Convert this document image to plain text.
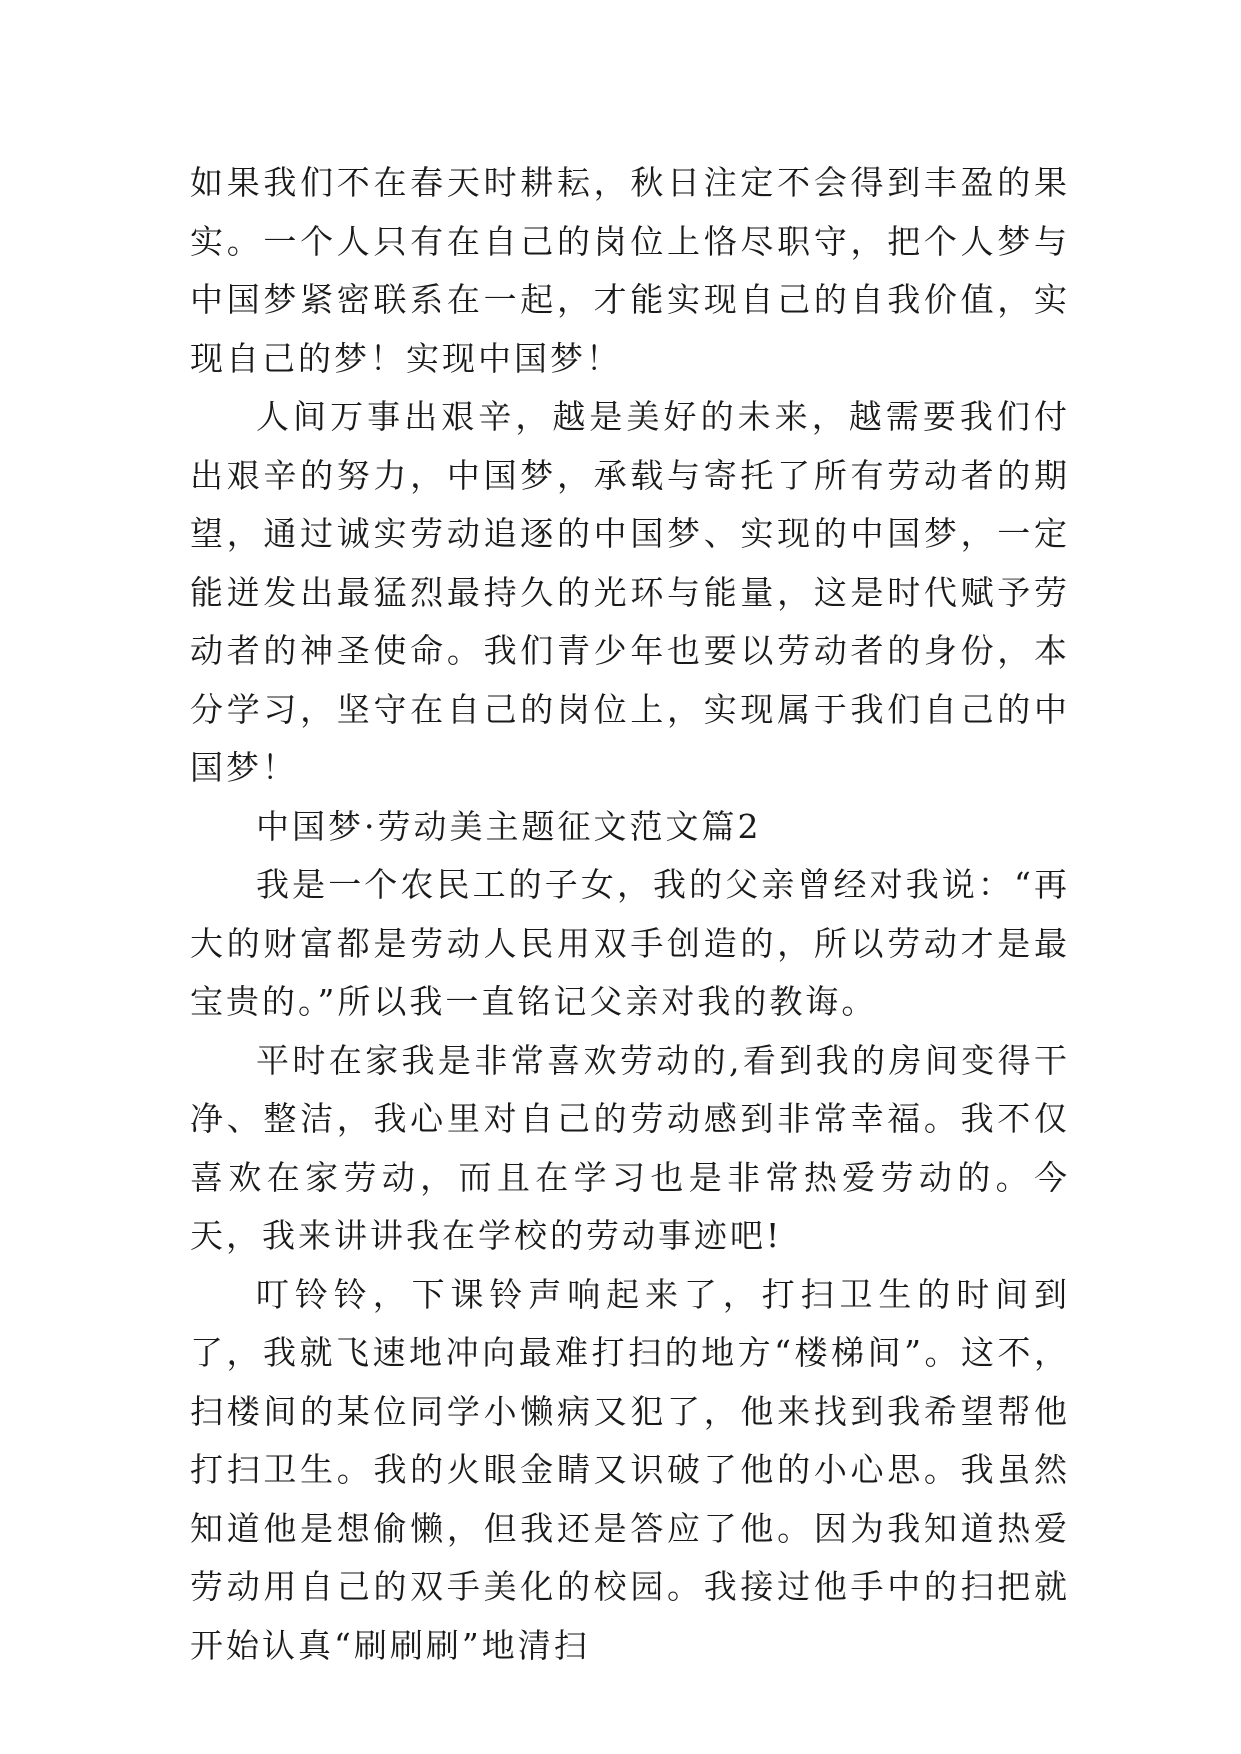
如果我们不在春天时耕耘，秋日注定不会得到丰盈的果实。一个人只有在自己的岗位上恪尽职守，把个人梦与中国梦紧密联系在一起，才能实现自己的自我价值，实现自己的梦！实现中国梦！

人间万事出艰辛，越是美好的未来，越需要我们付出艰辛的努力，中国梦，承载与寄托了所有劳动者的期望，通过诚实劳动追逐的中国梦、实现的中国梦，一定能迸发出最猛烈最持久的光环与能量，这是时代赋予劳动者的神圣使命。我们青少年也要以劳动者的身份，本分学习，坚守在自己的岗位上，实现属于我们自己的中国梦！

中国梦·劳动美主题征文范文篇2

我是一个农民工的子女，我的父亲曾经对我说：“再大的财富都是劳动人民用双手创造的，所以劳动才是最宝贵的。”所以我一直铭记父亲对我的教诲。

平时在家我是非常喜欢劳动的,看到我的房间变得干净、整洁，我心里对自己的劳动感到非常幸福。我不仅喜欢在家劳动，而且在学习也是非常热爱劳动的。今天，我来讲讲我在学校的劳动事迹吧!

叮铃铃，下课铃声响起来了，打扫卫生的时间到了，我就飞速地冲向最难打扫的地方“楼梯间”。这不，扫楼间的某位同学小懒病又犯了，他来找到我希望帮他打扫卫生。我的火眼金睛又识破了他的小心思。我虽然知道他是想偷懒，但我还是答应了他。因为我知道热爱劳动用自己的双手美化的校园。我接过他手中的扫把就开始认真“刷刷刷”地清扫
